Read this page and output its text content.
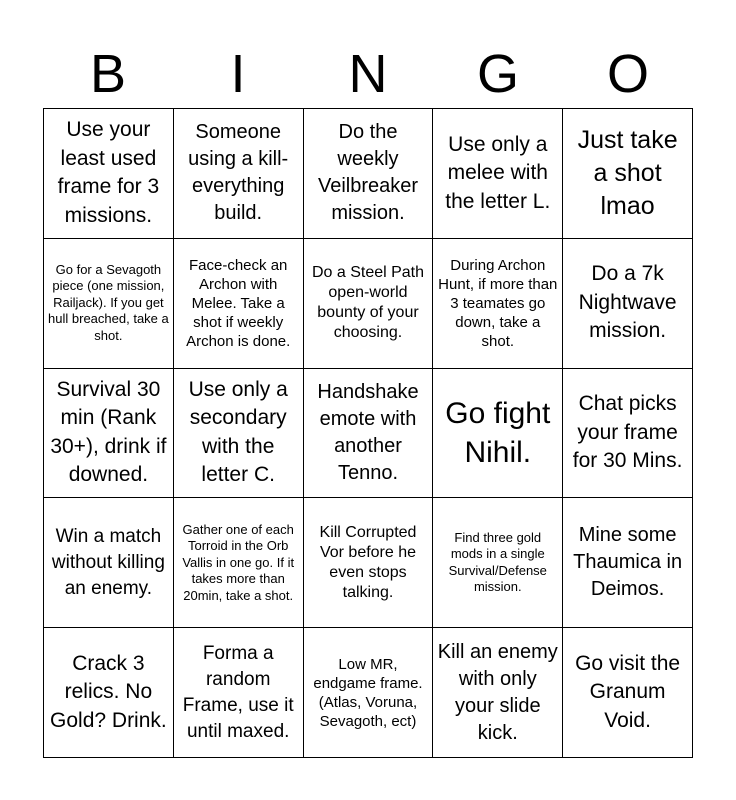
B	I	N	G	O
Use your least used frame for 3 missions.
Someone using a kill-everything build.
Do the weekly Veilbreaker mission.
Use only a melee with the letter L.
Just take a shot lmao
Go for a Sevagoth piece (one mission, Railjack). If you get hull breached, take a shot.
Face-check an Archon with Melee. Take a shot if weekly Archon is done.
Do a Steel Path open-world bounty of your choosing.
During Archon Hunt, if more than 3 teamates go down, take a shot.
Do a 7k Nightwave mission.
Survival 30 min (Rank 30+), drink if downed.
Use only a secondary with the letter C.
Handshake emote with another Tenno.
Go fight Nihil.
Chat picks your frame for 30 Mins.
Win a match without killing an enemy.
Gather one of each Torroid in the Orb Vallis in one go. If it takes more than 20min, take a shot.
Kill Corrupted Vor before he even stops talking.
Find three gold mods in a single Survival/Defense mission.
Mine some Thaumica in Deimos.
Crack 3 relics. No Gold? Drink.
Forma a random Frame, use it until maxed.
Low MR, endgame frame. (Atlas, Voruna, Sevagoth, ect)
Kill an enemy with only your slide kick.
Go visit the Granum Void.
